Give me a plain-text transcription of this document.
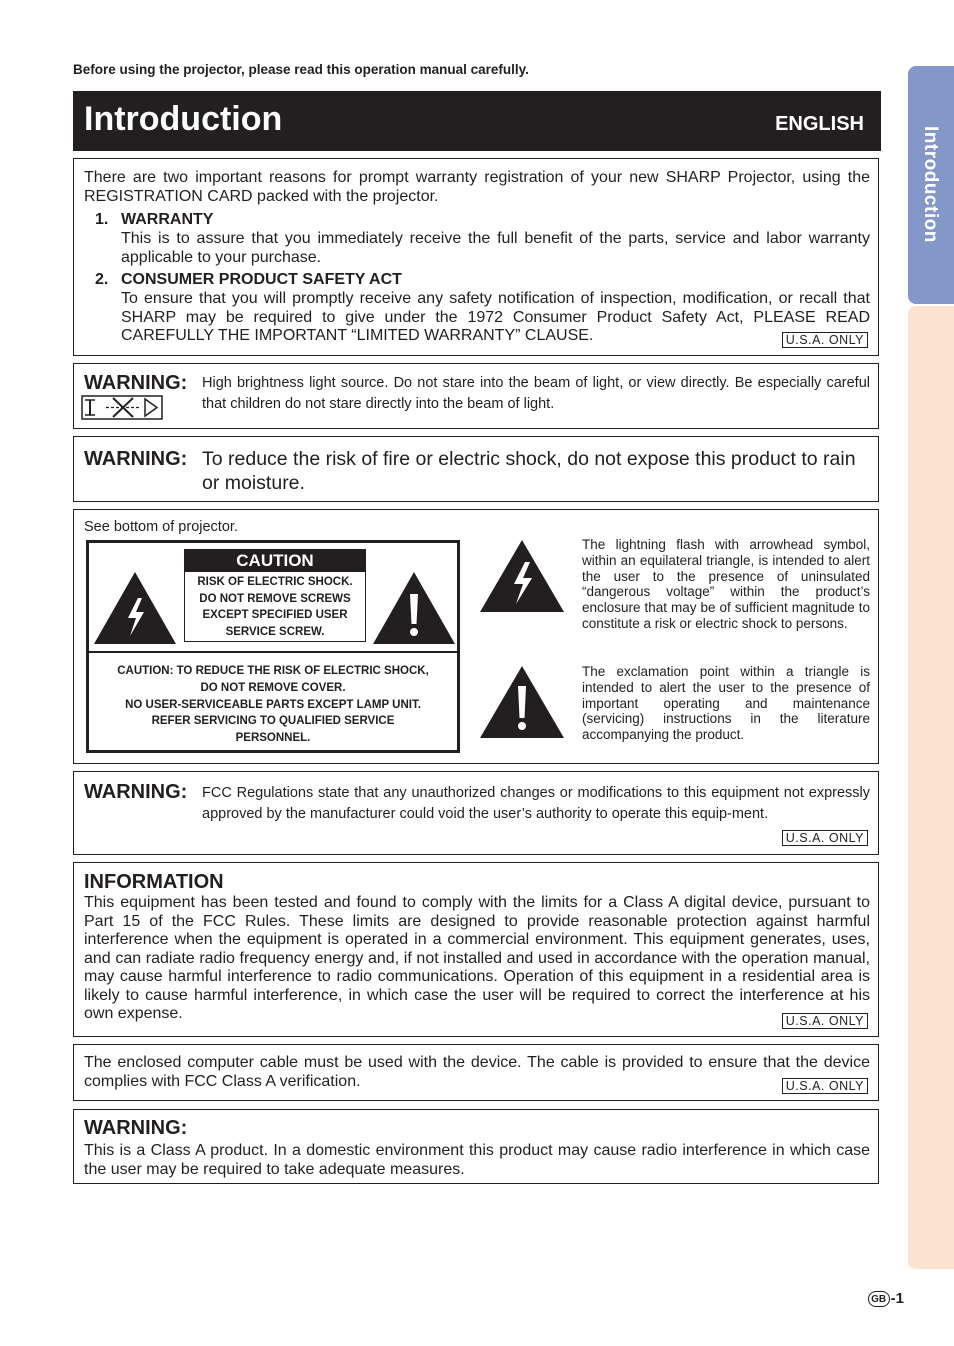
Before using the projector, please read this operation manual carefully.
Introduction	ENGLISH
Introduction
There are two important reasons for prompt warranty registration of your new SHARP Projector, using the REGISTRATION CARD packed with the projector.
1. WARRANTY
This is to assure that you immediately receive the full benefit of the parts, service and labor warranty applicable to your purchase.
2. CONSUMER PRODUCT SAFETY ACT
To ensure that you will promptly receive any safety notification of inspection, modification, or recall that SHARP may be required to give under the 1972 Consumer Product Safety Act, PLEASE READ CAREFULLY THE IMPORTANT “LIMITED WARRANTY” CLAUSE.	U.S.A. ONLY
WARNING: High brightness light source. Do not stare into the beam of light, or view directly. Be especially careful that children do not stare directly into the beam of light.
WARNING: To reduce the risk of fire or electric shock, do not expose this product to rain or moisture.
See bottom of projector.
CAUTION
RISK OF ELECTRIC SHOCK.
DO NOT REMOVE SCREWS
EXCEPT SPECIFIED USER
SERVICE SCREW.
CAUTION: TO REDUCE THE RISK OF ELECTRIC SHOCK,
DO NOT REMOVE COVER.
NO USER-SERVICEABLE PARTS EXCEPT LAMP UNIT.
REFER SERVICING TO QUALIFIED SERVICE
PERSONNEL.
The lightning flash with arrowhead symbol, within an equilateral triangle, is intended to alert the user to the presence of uninsulated “dangerous voltage” within the product’s enclosure that may be of sufficient magnitude to constitute a risk or electric shock to persons.
The exclamation point within a triangle is intended to alert the user to the presence of important operating and maintenance (servicing) instructions in the literature accompanying the product.
WARNING: FCC Regulations state that any unauthorized changes or modifications to this equipment not expressly approved by the manufacturer could void the user’s authority to operate this equip-ment.
U.S.A. ONLY
INFORMATION
This equipment has been tested and found to comply with the limits for a Class A digital device, pursuant to Part 15 of the FCC Rules. These limits are designed to provide reasonable protection against harmful interference when the equipment is operated in a commercial environment. This equipment generates, uses, and can radiate radio frequency energy and, if not installed and used in accordance with the operation manual, may cause harmful interference to radio communications. Operation of this equipment in a residential area is likely to cause harmful interference, in which case the user will be required to correct the interference at his own expense.	U.S.A. ONLY
The enclosed computer cable must be used with the device. The cable is provided to ensure that the device complies with FCC Class A verification.	U.S.A. ONLY
WARNING:
This is a Class A product. In a domestic environment this product may cause radio interference in which case the user may be required to take adequate measures.
GB -1
